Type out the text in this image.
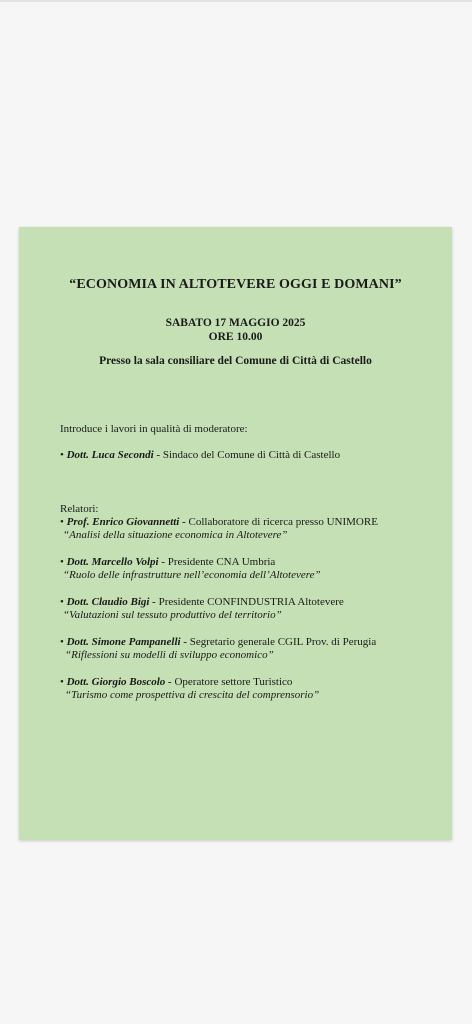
“ECONOMIA IN ALTOTEVERE OGGI E DOMANI”
SABATO 17 MAGGIO 2025
ORE 10.00
Presso la sala consiliare del Comune di Città di Castello
Introduce i lavori in qualità di moderatore:
• Dott. Luca Secondi - Sindaco del Comune di Città di Castello
Relatori:
• Prof. Enrico Giovannetti - Collaboratore di ricerca presso UNIMORE
“Analisi della situazione economica in Altotevere”
• Dott. Marcello Volpi - Presidente CNA Umbria
“Ruolo delle infrastrutture nell’economia dell’Altotevere”
• Dott. Claudio Bigi - Presidente CONFINDUSTRIA Altotevere
“Valutazioni sul tessuto produttivo del territorio”
• Dott. Simone Pampanelli - Segretario generale CGIL Prov. di Perugia
“Riflessioni su modelli di sviluppo economico”
• Dott. Giorgio Boscolo - Operatore settore Turistico
“Turismo come prospettiva di crescita del comprensorio”
